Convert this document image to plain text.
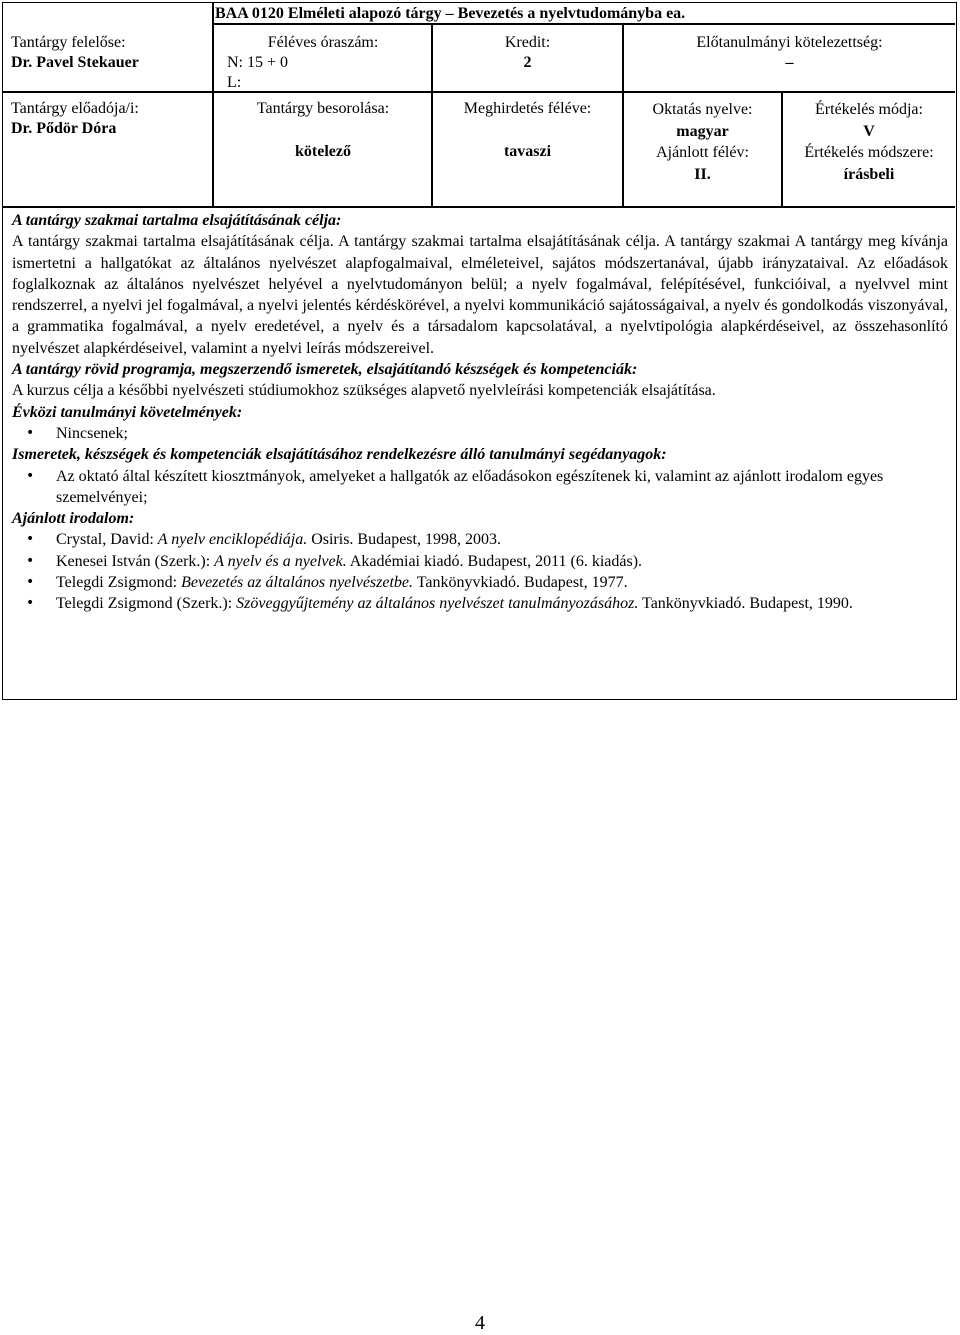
BAA 0120 Elméleti alapozó tárgy – Bevezetés a nyelvtudományba ea.
Tantárgy felelőse:
Dr. Pavel Stekauer
Féléves óraszám:
N: 15 + 0
L:
Kredit:
2
Előtanulmányi kötelezettség:
–
Tantárgy előadója/i:
Dr. Pődör Dóra
Tantárgy besorolása:
kötelező
Meghirdetés féléve:
tavaszi
Oktatás nyelve:
magyar
Ajánlott félév:
II.
Értékelés módja:
V
Értékelés módszere:
írásbeli
A tantárgy szakmai tartalma elsajátításának célja:
A tantárgy szakmai tartalma elsajátításának célja. A tantárgy szakmai tartalma elsajátításának célja. A tantárgy szakmai A tantárgy meg kívánja ismertetni a hallgatókat az általános nyelvészet alapfogalmaival, elméleteivel, sajátos módszertanával, újabb irányzataival. Az előadások foglalkoznak az általános nyelvészet helyével a nyelvtudományon belül; a nyelv fogalmával, felépítésével, funkcióival, a nyelvvel mint rendszerrel, a nyelvi jel fogalmával, a nyelvi jelentés kérdéskörével, a nyelvi kommunikáció sajátosságaival, a nyelv és gondolkodás viszonyával, a grammatika fogalmával, a nyelv eredetével, a nyelv és a társadalom kapcsolatával, a nyelvtipológia alapkérdéseivel, az összehasonlító nyelvészet alapkérdéseivel, valamint a nyelvi leírás módszereivel.
A tantárgy rövid programja, megszerzendő ismeretek, elsajátítandó készségek és kompetenciák:
A kurzus célja a későbbi nyelvészeti stúdiumokhoz szükséges alapvető nyelvleírási kompetenciák elsajátítása.
Évközi tanulmányi követelmények:
• Nincsenek;
Ismeretek, készségek és kompetenciák elsajátításához rendelkezésre álló tanulmányi segédanyagok:
• Az oktató által készített kiosztmányok, amelyeket a hallgatók az előadásokon egészítenek ki, valamint az ajánlott irodalom egyes szemelvényei;
Ajánlott irodalom:
• Crystal, David: A nyelv enciklopédiája. Osiris. Budapest, 1998, 2003.
• Kenesei István (Szerk.): A nyelv és a nyelvek. Akadémiai kiadó. Budapest, 2011 (6. kiadás).
• Telegdi Zsigmond: Bevezetés az általános nyelvészetbe. Tankönyvkiadó. Budapest, 1977.
• Telegdi Zsigmond (Szerk.): Szöveggyűjtemény az általános nyelvészet tanulmányozásához. Tankönyvkiadó. Budapest, 1990.
4
